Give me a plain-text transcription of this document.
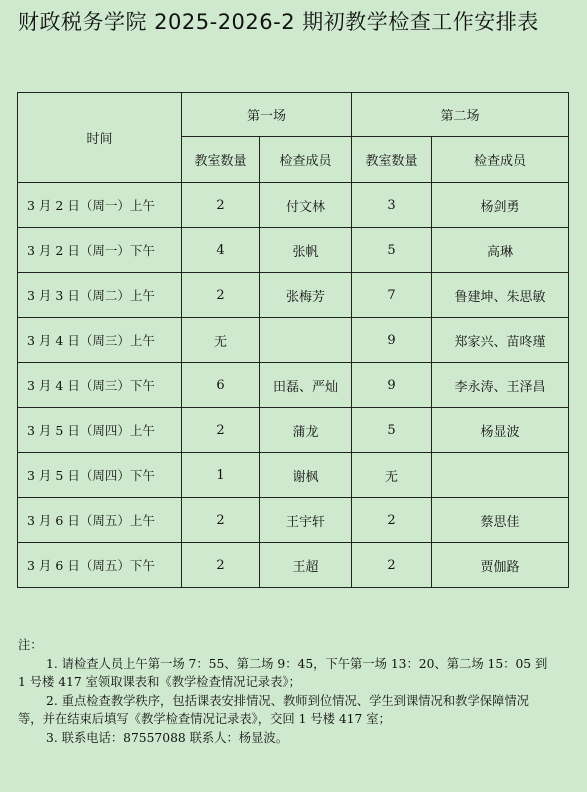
财政税务学院 2025-2026-2 期初教学检查工作安排表
时间	第一场		第二场	
	教室数量	检查成员	教室数量	检查成员
3 月 2 日（周一）上午	2	付文林	3	杨剑勇
3 月 2 日（周一）下午	4	张帆	5	高琳
3 月 3 日（周二）上午	2	张梅芳	7	鲁建坤、朱思敏
3 月 4 日（周三）上午	无		9	郑家兴、苗咚瑾
3 月 4 日（周三）下午	6	田磊、严灿	9	李永涛、王泽昌
3 月 5 日（周四）上午	2	蒲龙	5	杨显波
3 月 5 日（周四）下午	1	谢枫	无	
3 月 6 日（周五）上午	2	王宇轩	2	蔡思佳
3 月 6 日（周五）下午	2	王超	2	贾伽路
注：

1. 请检查人员上午第一场 7：55、第二场 9：45，下午第一场 13：20、第二场 15：05 到 1 号楼 417 室领取课表和《教学检查情况记录表》；

2. 重点检查教学秩序，包括课表安排情况、教师到位情况、学生到课情况和教学保障情况等，并在结束后填写《教学检查情况记录表》，交回 1 号楼 417 室；

3. 联系电话：87557088 联系人：杨显波。
